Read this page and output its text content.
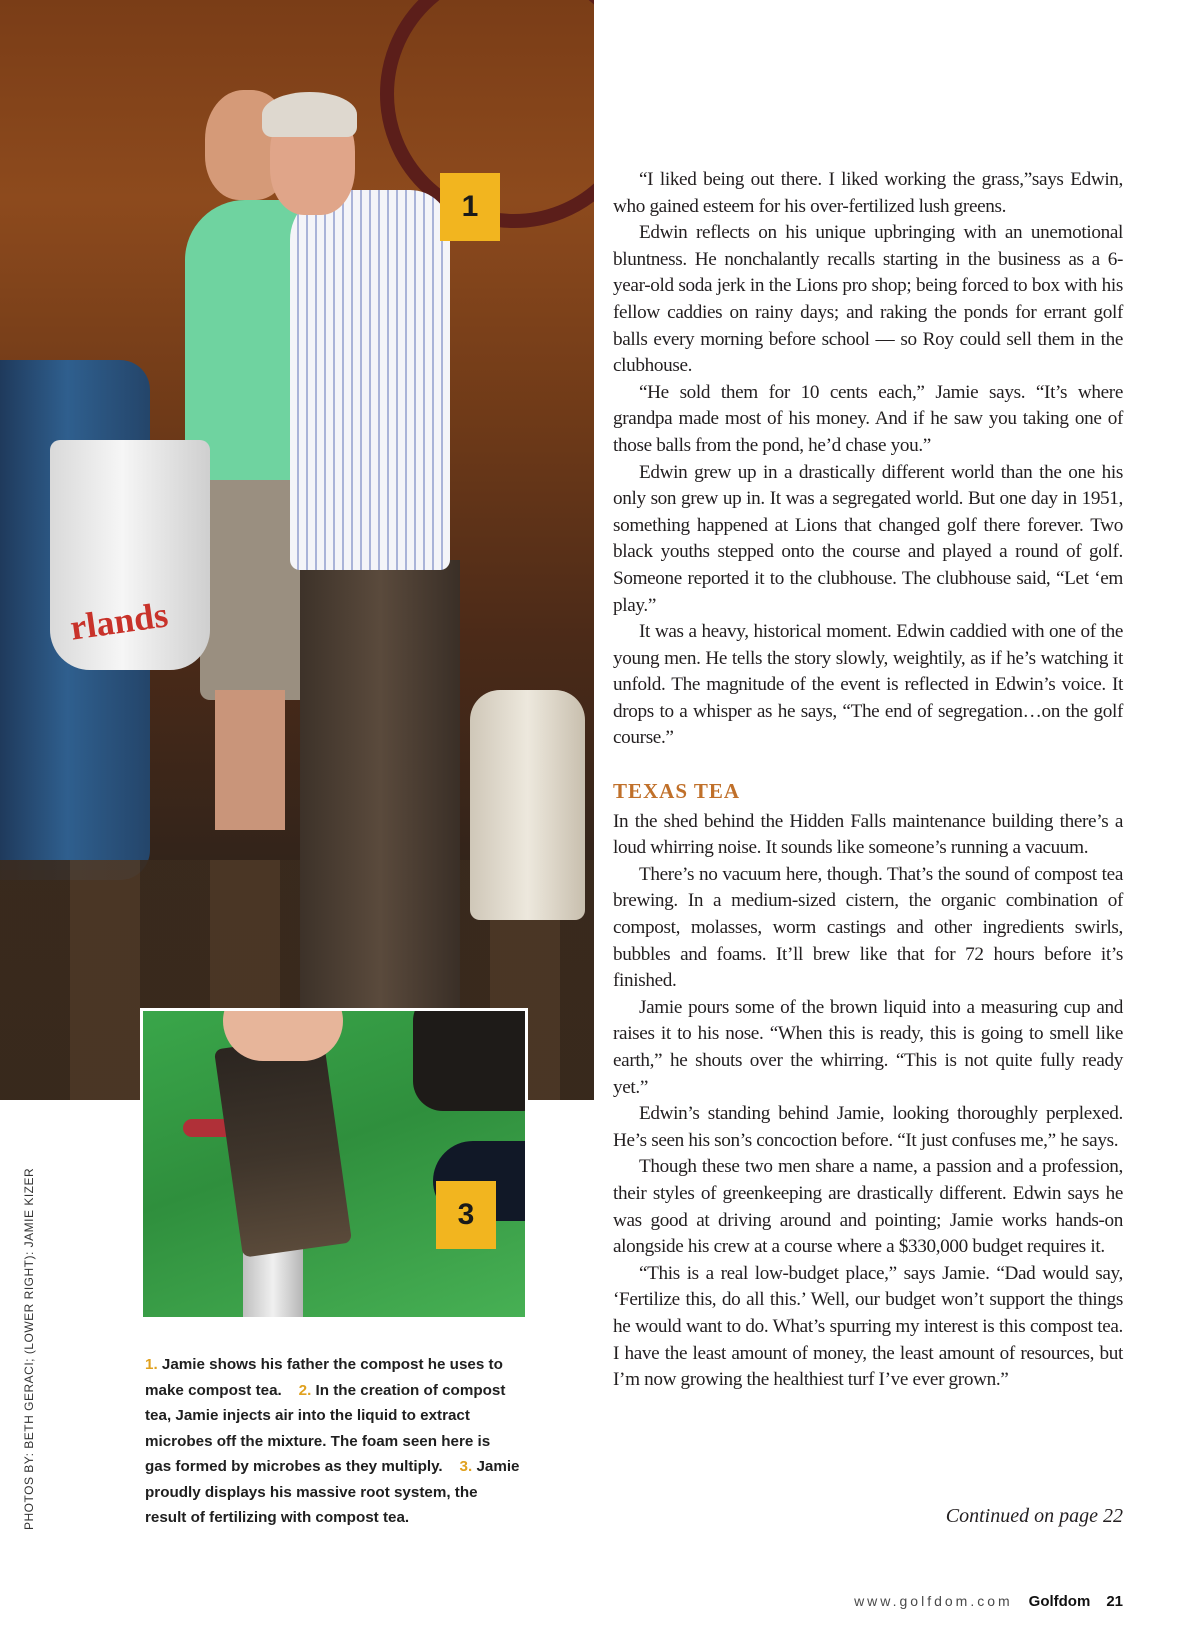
rlands
1
3
PHOTOS BY: BETH GERACI; (LOWER RIGHT): JAMIE KIZER	1. Jamie shows his father the compost he uses to make compost tea. 2. In the creation of compost tea, Jamie injects air into the liquid to extract microbes off the mixture. The foam seen here is gas formed by microbes as they multiply. 3. Jamie proudly displays his massive root system, the result of fertilizing with compost tea.

“I liked being out there. I liked working the grass,”says Edwin, who gained esteem for his over-fertilized lush greens.

Edwin reflects on his unique upbringing with an unemotional bluntness. He nonchalantly recalls starting in the business as a 6-year-old soda jerk in the Lions pro shop; being forced to box with his fellow caddies on rainy days; and raking the ponds for errant golf balls every morning before school — so Roy could sell them in the clubhouse.

“He sold them for 10 cents each,” Jamie says. “It’s where grandpa made most of his money. And if he saw you taking one of those balls from the pond, he’d chase you.”

Edwin grew up in a drastically different world than the one his only son grew up in. It was a segregated world. But one day in 1951, something happened at Lions that changed golf there forever. Two black youths stepped onto the course and played a round of golf. Someone reported it to the clubhouse. The clubhouse said, “Let ‘em play.”

It was a heavy, historical moment. Edwin caddied with one of the young men. He tells the story slowly, weightily, as if he’s watching it unfold. The magnitude of the event is reflected in Edwin’s voice. It drops to a whisper as he says, “The end of segregation…on the golf course.”

TEXAS TEA

In the shed behind the Hidden Falls maintenance building there’s a loud whirring noise. It sounds like someone’s running a vacuum.

There’s no vacuum here, though. That’s the sound of compost tea brewing. In a medium-sized cistern, the organic combination of compost, molasses, worm castings and other ingredients swirls, bubbles and foams. It’ll brew like that for 72 hours before it’s finished.

Jamie pours some of the brown liquid into a measuring cup and raises it to his nose. “When this is ready, this is going to smell like earth,” he shouts over the whirring. “This is not quite fully ready yet.”

Edwin’s standing behind Jamie, looking thoroughly perplexed. He’s seen his son’s concoction before. “It just confuses me,” he says.

Though these two men share a name, a passion and a profession, their styles of greenkeeping are drastically different. Edwin says he was good at driving around and pointing; Jamie works hands-on alongside his crew at a course where a $330,000 budget requires it.

“This is a real low-budget place,” says Jamie. “Dad would say, ‘Fertilize this, do all this.’ Well, our budget won’t support the things he would want to do. What’s spurring my interest is this compost tea. I have the least amount of money, the least amount of resources, but I’m now growing the healthiest turf I’ve ever grown.”

Continued on page 22
www.golfdom.com Golfdom 21
